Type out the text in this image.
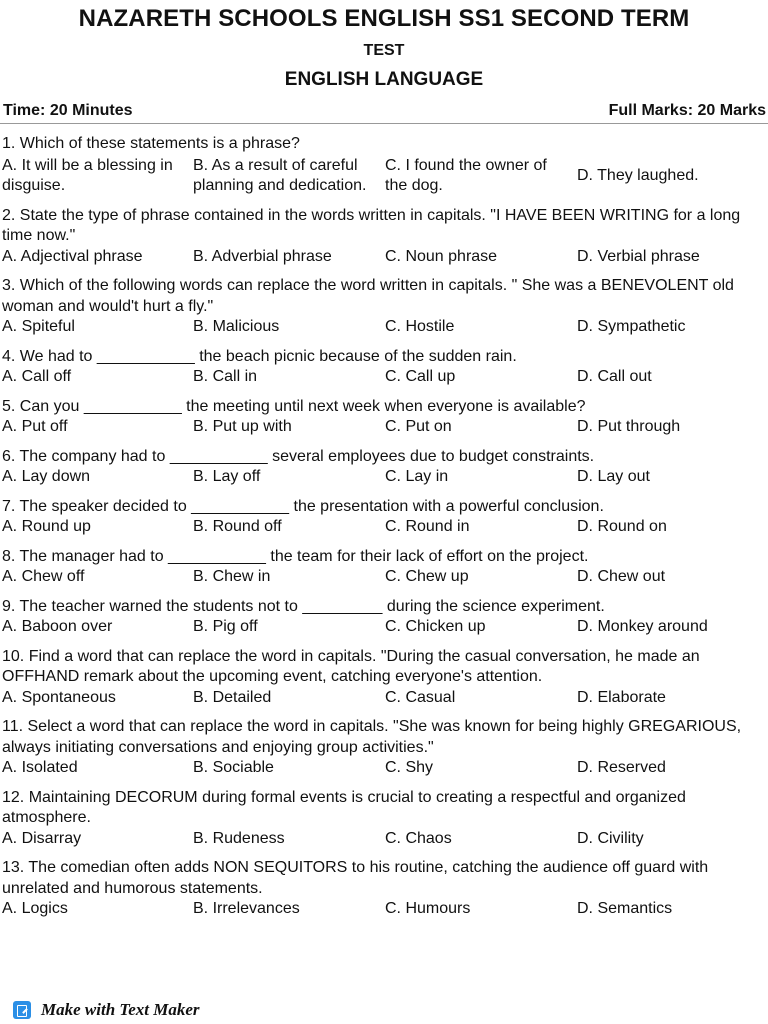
NAZARETH SCHOOLS ENGLISH SS1 SECOND TERM
TEST
ENGLISH LANGUAGE
Time: 20 Minutes	Full Marks: 20 Marks
1. Which of these statements is a phrase?
A. It will be a blessing in disguise.
B. As a result of careful planning and dedication.
C. I found the owner of the dog.
D. They laughed.
2. State the type of phrase contained in the words written in capitals. "I HAVE BEEN WRITING for a long time now."
A. Adjectival phrase	B. Adverbial phrase	C. Noun phrase	D. Verbial phrase
3. Which of the following words can replace the word written in capitals. " She was a BENEVOLENT old woman and would't hurt a fly."
A. Spiteful	B. Malicious	C. Hostile	D. Sympathetic
4. We had to ___________ the beach picnic because of the sudden rain.
A. Call off	B. Call in	C. Call up	D. Call out
5. Can you ___________ the meeting until next week when everyone is available?
A. Put off	B. Put up with	C. Put on	D. Put through
6. The company had to ___________ several employees due to budget constraints.
A. Lay down	B. Lay off	C. Lay in	D. Lay out
7. The speaker decided to ___________ the presentation with a powerful conclusion.
A. Round up	B. Round off	C. Round in	D. Round on
8. The manager had to ___________ the team for their lack of effort on the project.
A. Chew off	B. Chew in	C. Chew up	D. Chew out
9. The teacher warned the students not to _________ during the science experiment.
A. Baboon over	B. Pig off	C. Chicken up	D. Monkey around
10. Find a word that can replace the word in capitals. "During the casual conversation, he made an OFFHAND remark about the upcoming event, catching everyone's attention.
A. Spontaneous	B. Detailed	C. Casual	D. Elaborate
11. Select a word that can replace the word in capitals. "She was known for being highly GREGARIOUS, always initiating conversations and enjoying group activities."
A. Isolated	B. Sociable	C. Shy	D. Reserved
12. Maintaining DECORUM during formal events is crucial to creating a respectful and organized atmosphere.
A. Disarray	B. Rudeness	C. Chaos	D. Civility
13. The comedian often adds NON SEQUITORS to his routine, catching the audience off guard with unrelated and humorous statements.
A. Logics	B. Irrelevances	C. Humours	D. Semantics
Make with Text Maker
